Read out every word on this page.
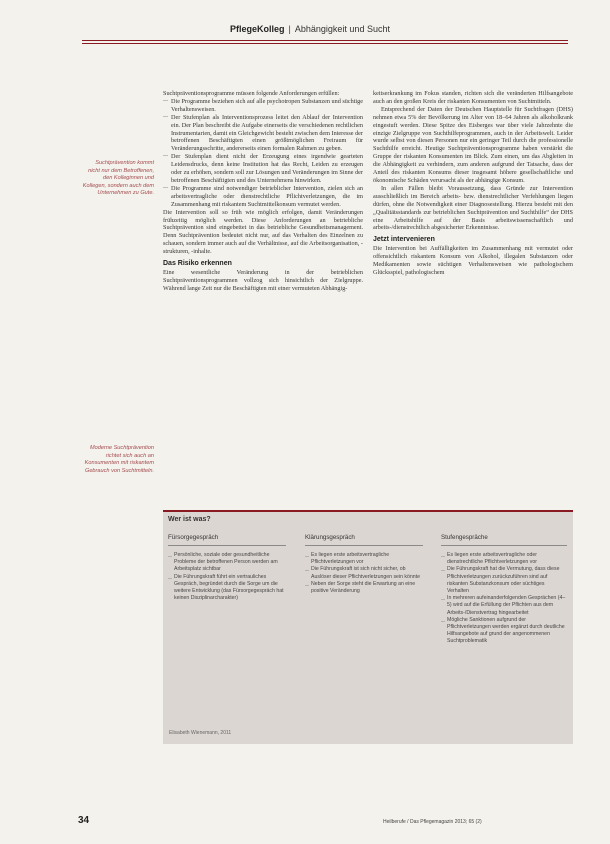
PflegeKolleg | Abhängigkeit und Sucht
Suchtprävention kommt nicht nur dem Betroffenen, den Kolleginnen und Kollegen, sondern auch dem Unternehmen zu Gute.
Moderne Suchtprävention richtet sich auch an Konsumenten mit riskantem Gebrauch von Suchtmitteln.

Suchtpräventionsprogramme müssen folgende Anforderungen erfüllen:

— Die Programme beziehen sich auf alle psychotropen Substanzen und süchtige Verhaltensweisen.
— Der Stufenplan als Interventionsprozess leitet den Ablauf der Intervention ein. Der Plan beschreibt die Aufgabe einerseits die verschiedenen rechtlichen Instrumentarien, damit ein Gleichgewicht besteht zwischen dem Interesse der betroffenen Beschäftigten einen größtmöglichen Freiraum für Veränderungsschritte, andererseits einen formalen Rahmen zu geben.
— Der Stufenplan dient nicht der Erzeugung eines irgendwie gearteten Leidensdrucks, denn keine Institution hat das Recht, Leiden zu erzeugen oder zu erhöhen, sondern soll zur Lösungen und Veränderungen im Sinne der betroffenen Beschäftigten und des Unternehmens hinwirken.
— Die Programme sind notwendiger betrieblicher Intervention, zielen sich an arbeitsvertragliche oder dienstrechtliche Pflichtverletzungen, die im Zusammenhang mit riskantem Suchtmittelkonsum vermutet werden.

Die Intervention soll so früh wie möglich erfolgen, damit Veränderungen frühzeitig möglich werden. Diese Anforderungen an betriebliche Suchtprävention sind eingebettet in das betriebliche Gesundheitsmanagement. Denn Suchtprävention bedeutet nicht nur, auf das Verhalten des Einzelnen zu schauen, sondern immer auch auf die Verhältnisse, auf die Arbeitsorganisation, -strukturen, -inhalte.

Das Risiko erkennen

Eine wesentliche Veränderung in der betrieblichen Suchtpräventionsprogrammen vollzog sich hinsichtlich der Zielgruppe. Während lange Zeit nur die Beschäftigten mit einer vermuteten Abhängig-

keitserkrankung im Fokus standen, richten sich die veränderten Hilfsangebote auch an den großen Kreis der riskanten Konsumenten von Suchtmitteln.

Entsprechend der Daten der Deutschen Hauptstelle für Suchtfragen (DHS) nehmen etwa 5% der Bevölkerung im Alter von 18–64 Jahren als alkoholkrank eingestuft werden. Diese Spitze des Eisberges war über viele Jahrzehnte die einzige Zielgruppe von Suchthilfeprogrammen, auch in der Arbeitswelt. Leider wurde selbst von diesen Personen nur ein geringer Teil durch die professionelle Suchthilfe erreicht. Heutige Suchtpräventionsprogramme haben verstärkt die Gruppe der riskanten Konsumenten im Blick. Zum einen, um das Abgleiten in die Abhängigkeit zu verhindern, zum anderen aufgrund der Tatsache, dass der Anteil des riskanten Konsums dieser insgesamt höhere gesellschaftliche und ökonomische Schäden verursacht als der abhängige Konsum.

In allen Fällen bleibt Voraussetzung, dass Gründe zur Intervention ausschließlich im Bereich arbeits- bzw. dienstrechtlicher Verfehlungen liegen dürfen, ohne die Notwendigkeit einer Diagnosestellung. Hierzu besteht mit den „Qualitätsstandards zur betrieblichen Suchtprävention und Suchthilfe“ der DHS eine Arbeitshilfe auf der Basis arbeitswissenschaftlich und arbeits-/dienstrechtlich abgesicherter Erkenntnisse.

Jetzt intervenieren

Die Intervention bei Auffälligkeiten im Zusammenhang mit vermutet oder offensichtlich riskantem Konsum von Alkohol, illegalen Substanzen oder Medikamenten sowie süchtigen Verhaltensweisen wie pathologischem Glücksspiel, pathologischem

Wer ist was?
Fürsorgegespräch
— Persönliche, soziale oder gesundheitliche Probleme der betroffenen Person werden am Arbeitsplatz sichtbar
— Die Führungskraft führt ein vertrauliches Gespräch, begründet durch die Sorge um die weitere Entwicklung (das Fürsorgegespräch hat keinen Disziplinarcharakter)
Klärungsgespräch
— Es liegen erste arbeitsvertragliche Pflichtverletzungen vor
— Die Führungskraft ist sich nicht sicher, ob Auslöser dieser Pflichtverletzungen sein könnte
— Neben der Sorge steht die Erwartung an eine positive Veränderung
Stufengespräche
— Es liegen erste arbeitsvertragliche oder dienstrechtliche Pflichtverletzungen vor
— Die Führungskraft hat die Vermutung, dass diese Pflichtverletzungen zurückzuführen sind auf riskanten Substanzkonsum oder süchtiges Verhalten
— In mehreren aufeinanderfolgenden Gesprächen (4–5) wird auf die Erfüllung der Pflichten aus dem Arbeits-/Dienstvertrag hingearbeitet
— Mögliche Sanktionen aufgrund der Pflichtverletzungen werden ergänzt durch deutliche Hilfsangebote auf grund der angenommenen Suchtproblematik
Elisabeth Wienemann, 2011
34	Heilberufe / Das Pflegemagazin 2013; 65 (2)
